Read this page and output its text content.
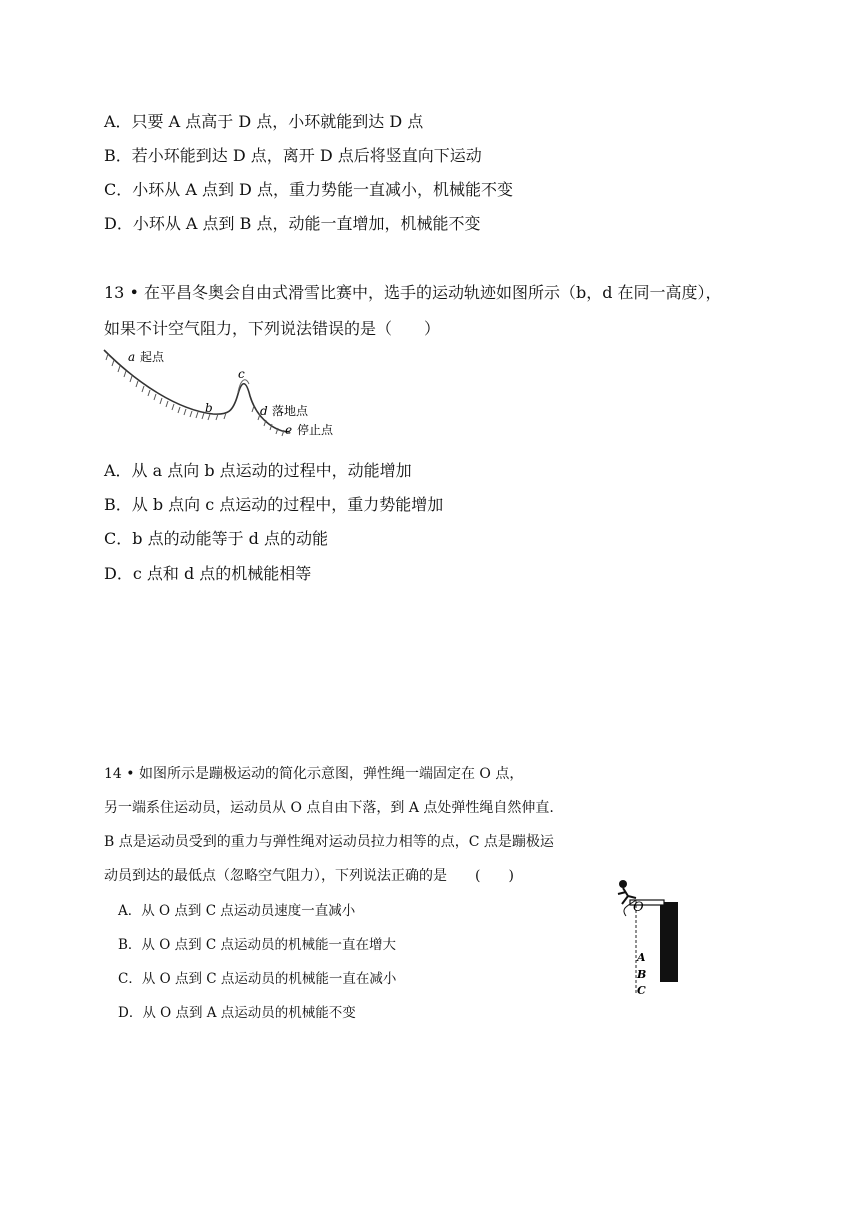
A．只要 A 点高于 D 点，小环就能到达 D 点
B．若小环能到达 D 点，离开 D 点后将竖直向下运动
C．小环从 A 点到 D 点，重力势能一直减小，机械能不变
D．小环从 A 点到 B 点，动能一直增加，机械能不变
13 • 在平昌冬奥会自由式滑雪比赛中，选手的运动轨迹如图所示（b，d 在同一高度），
如果不计空气阻力，下列说法错误的是（　　）
a 起点
b
c
d 落地点
e 停止点
A．从 a 点向 b 点运动的过程中，动能增加
B．从 b 点向 c 点运动的过程中，重力势能增加
C．b 点的动能等于 d 点的动能
D．c 点和 d 点的机械能相等
14 • 如图所示是蹦极运动的简化示意图，弹性绳一端固定在 O 点，
另一端系住运动员，运动员从 O 点自由下落，到 A 点处弹性绳自然伸直.
B 点是运动员受到的重力与弹性绳对运动员拉力相等的点，C 点是蹦极运
动员到达的最低点（忽略空气阻力），下列说法正确的是　　(　　)
A．从 O 点到 C 点运动员速度一直减小
B．从 O 点到 C 点运动员的机械能一直在增大
C．从 O 点到 C 点运动员的机械能一直在减小
D．从 O 点到 A 点运动员的机械能不变
O
A
B
C
